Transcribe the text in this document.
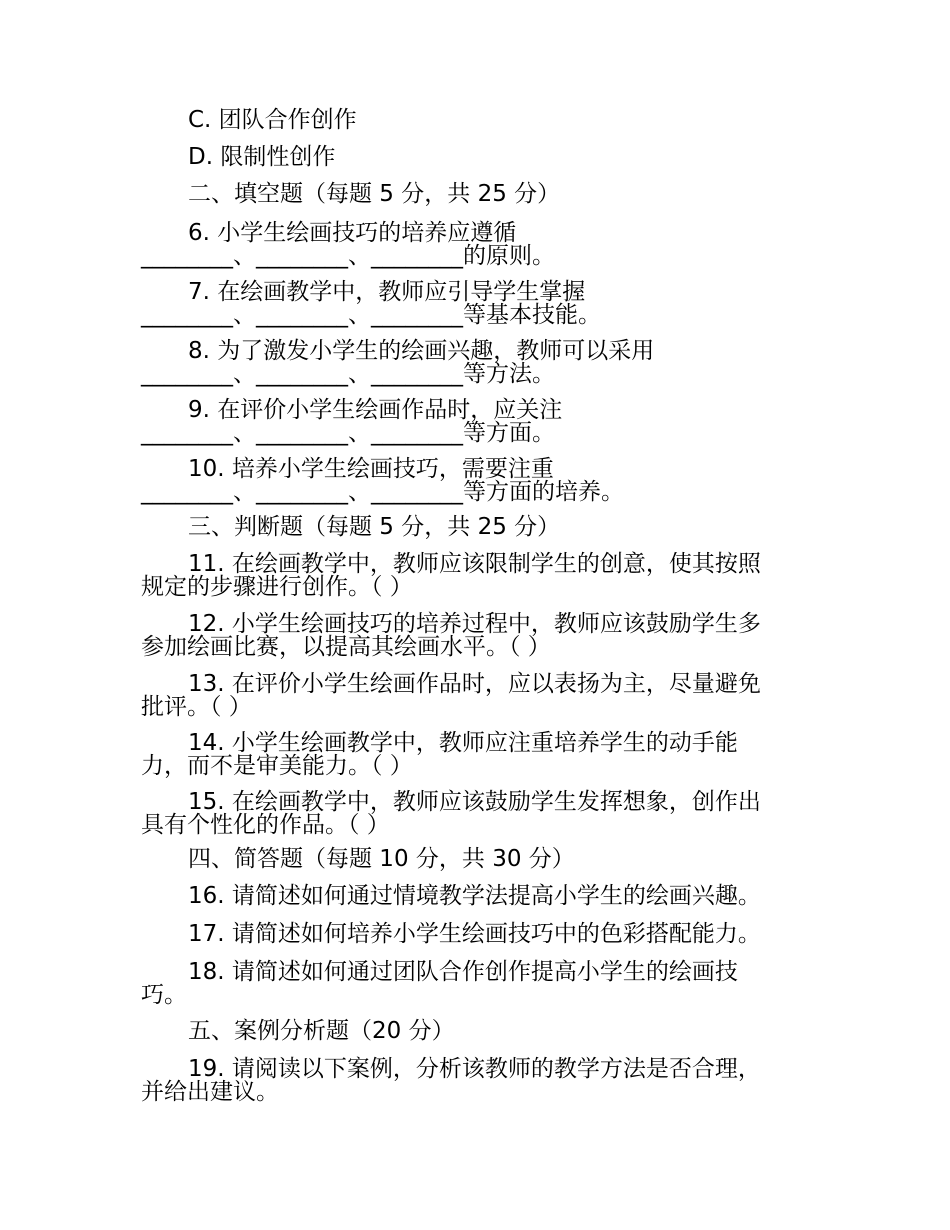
C. 团队合作创作
D. 限制性创作
二、填空题（每题 5 分，共 25 分）
6. 小学生绘画技巧的培养应遵循
________、________、________的原则。
7. 在绘画教学中，教师应引导学生掌握
________、________、________等基本技能。
8. 为了激发小学生的绘画兴趣，教师可以采用
________、________、________等方法。
9. 在评价小学生绘画作品时，应关注
________、________、________等方面。
10. 培养小学生绘画技巧，需要注重
________、________、________等方面的培养。
三、判断题（每题 5 分，共 25 分）
11. 在绘画教学中，教师应该限制学生的创意，使其按照
规定的步骤进行创作。（ ）
12. 小学生绘画技巧的培养过程中，教师应该鼓励学生多
参加绘画比赛，以提高其绘画水平。（ ）
13. 在评价小学生绘画作品时，应以表扬为主，尽量避免
批评。（ ）
14. 小学生绘画教学中，教师应注重培养学生的动手能
力，而不是审美能力。（ ）
15. 在绘画教学中，教师应该鼓励学生发挥想象，创作出
具有个性化的作品。（ ）
四、简答题（每题 10 分，共 30 分）
16. 请简述如何通过情境教学法提高小学生的绘画兴趣。
17. 请简述如何培养小学生绘画技巧中的色彩搭配能力。
18. 请简述如何通过团队合作创作提高小学生的绘画技
巧。
五、案例分析题（20 分）
19. 请阅读以下案例，分析该教师的教学方法是否合理，
并给出建议。
